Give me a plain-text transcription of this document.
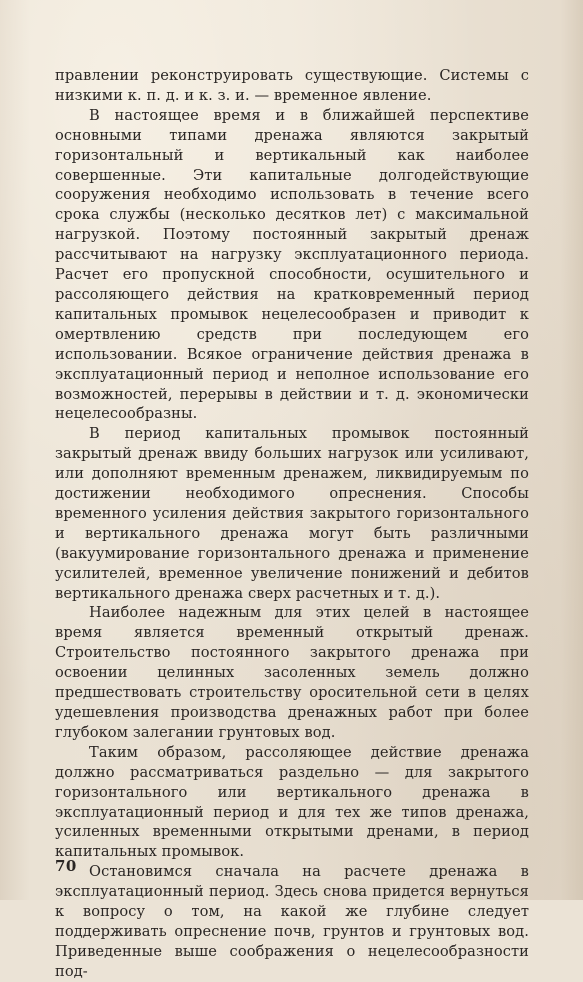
правлении реконструировать существующие. Системы с низкими к. п. д. и к. з. и. — временное явление.

В настоящее время и в ближайшей перспективе основными типами дренажа являются закрытый горизонтальный и вертикальный как наиболее совершенные. Эти капитальные долгодействующие сооружения необходимо использовать в течение всего срока службы (несколько десятков лет) с максимальной нагрузкой. Поэтому постоянный закрытый дренаж рассчитывают на нагрузку эксплуатационного периода. Расчет его пропускной способности, осушительного и рассоляющего действия на кратковременный период капитальных промывок нецелесообразен и приводит к омертвлению средств при последующем его использовании. Всякое ограничение действия дренажа в эксплуатационный период и неполное использование его возможностей, перерывы в действии и т. д. экономически нецелесообразны.

В период капитальных промывок постоянный закрытый дренаж ввиду больших нагрузок или усиливают, или дополняют временным дренажем, ликвидируемым по достижении необходимого опреснения. Способы временного усиления действия закрытого горизонтального и вертикального дренажа могут быть различными (вакуумирование горизонтального дренажа и применение усилителей, временное увеличение понижений и дебитов вертикального дренажа сверх расчетных и т. д.).

Наиболее надежным для этих целей в настоящее время является временный открытый дренаж. Строительство постоянного закрытого дренажа при освоении целинных засоленных земель должно предшествовать строительству оросительной сети в целях удешевления производства дренажных работ при более глубоком залегании грунтовых вод.

Таким образом, рассоляющее действие дренажа должно рассматриваться раздельно — для закрытого горизонтального или вертикального дренажа в эксплуатационный период и для тех же типов дренажа, усиленных временными открытыми дренами, в период капитальных промывок.

Остановимся сначала на расчете дренажа в эксплуатационный период. Здесь снова придется вернуться к вопросу о том, на какой же глубине следует поддерживать опреснение почв, грунтов и грунтовых вод. Приведенные выше соображения о нецелесообразности под-

70
